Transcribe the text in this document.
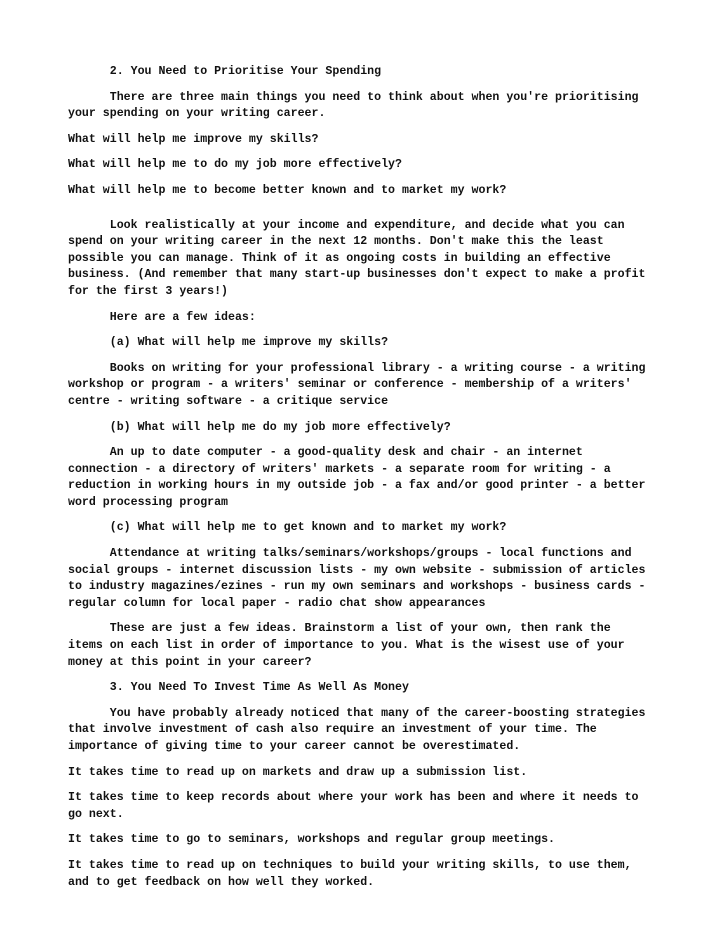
2. You Need to Prioritise Your Spending
There are three main things you need to think about when you're prioritising
your spending on your writing career.
What will help me improve my skills?
What will help me to do my job more effectively?
What will help me to become better known and to market my work?
Look realistically at your income and expenditure, and decide what you can
spend on your writing career in the next 12 months. Don't make this the least
possible you can manage. Think of it as ongoing costs in building an effective
business. (And remember that many start-up businesses don't expect to make a profit
for the first 3 years!)
Here are a few ideas:
(a) What will help me improve my skills?
Books on writing for your professional library - a writing course - a writing
workshop or program - a writers' seminar or conference - membership of a writers'
centre - writing software - a critique service
(b) What will help me do my job more effectively?
An up to date computer - a good-quality desk and chair - an internet
connection - a directory of writers' markets - a separate room for writing - a
reduction in working hours in my outside job - a fax and/or good printer - a better
word processing program
(c) What will help me to get known and to market my work?
Attendance at writing talks/seminars/workshops/groups - local functions and
social groups - internet discussion lists - my own website - submission of articles
to industry magazines/ezines - run my own seminars and workshops - business cards -
regular column for local paper - radio chat show appearances
These are just a few ideas. Brainstorm a list of your own, then rank the
items on each list in order of importance to you. What is the wisest use of your
money at this point in your career?
3. You Need To Invest Time As Well As Money
You have probably already noticed that many of the career-boosting strategies
that involve investment of cash also require an investment of your time. The
importance of giving time to your career cannot be overestimated.
It takes time to read up on markets and draw up a submission list.
It takes time to keep records about where your work has been and where it needs to
go next.
It takes time to go to seminars, workshops and regular group meetings.
It takes time to read up on techniques to build your writing skills, to use them,
and to get feedback on how well they worked.
